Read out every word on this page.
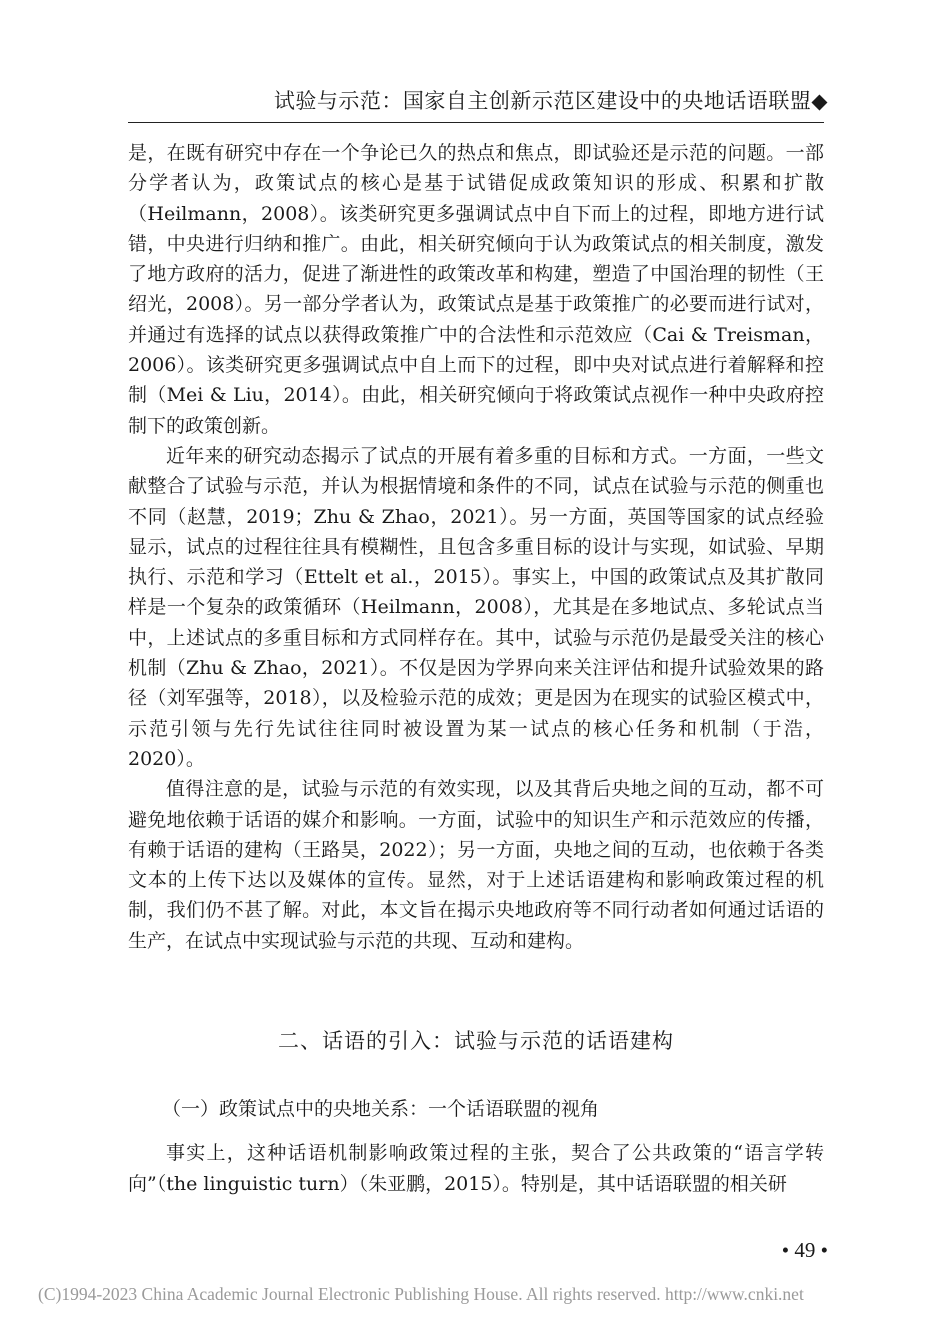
试验与示范：国家自主创新示范区建设中的央地话语联盟◆

是，在既有研究中存在一个争论已久的热点和焦点，即试验还是示范的问题。一部分学者认为，政策试点的核心是基于试错促成政策知识的形成、积累和扩散（Heilmann，2008）。该类研究更多强调试点中自下而上的过程，即地方进行试错，中央进行归纳和推广。由此，相关研究倾向于认为政策试点的相关制度，激发了地方政府的活力，促进了渐进性的政策改革和构建，塑造了中国治理的韧性（王绍光，2008）。另一部分学者认为，政策试点是基于政策推广的必要而进行试对，并通过有选择的试点以获得政策推广中的合法性和示范效应（Cai & Treisman，2006）。该类研究更多强调试点中自上而下的过程，即中央对试点进行着解释和控制（Mei & Liu，2014）。由此，相关研究倾向于将政策试点视作一种中央政府控制下的政策创新。

近年来的研究动态揭示了试点的开展有着多重的目标和方式。一方面，一些文献整合了试验与示范，并认为根据情境和条件的不同，试点在试验与示范的侧重也不同（赵慧，2019；Zhu & Zhao，2021）。另一方面，英国等国家的试点经验显示，试点的过程往往具有模糊性，且包含多重目标的设计与实现，如试验、早期执行、示范和学习（Ettelt et al.，2015）。事实上，中国的政策试点及其扩散同样是一个复杂的政策循环（Heilmann，2008），尤其是在多地试点、多轮试点当中，上述试点的多重目标和方式同样存在。其中，试验与示范仍是最受关注的核心机制（Zhu & Zhao，2021）。不仅是因为学界向来关注评估和提升试验效果的路径（刘军强等，2018），以及检验示范的成效；更是因为在现实的试验区模式中，示范引领与先行先试往往同时被设置为某一试点的核心任务和机制（于浩，2020）。

值得注意的是，试验与示范的有效实现，以及其背后央地之间的互动，都不可避免地依赖于话语的媒介和影响。一方面，试验中的知识生产和示范效应的传播，有赖于话语的建构（王路昊，2022）；另一方面，央地之间的互动，也依赖于各类文本的上传下达以及媒体的宣传。显然，对于上述话语建构和影响政策过程的机制，我们仍不甚了解。对此，本文旨在揭示央地政府等不同行动者如何通过话语的生产，在试点中实现试验与示范的共现、互动和建构。

二、话语的引入：试验与示范的话语建构
（一）政策试点中的央地关系：一个话语联盟的视角

事实上，这种话语机制影响政策过程的主张，契合了公共政策的“语言学转向”（the linguistic turn）（朱亚鹏，2015）。特别是，其中话语联盟的相关研

• 49 •
(C)1994-2023 China Academic Journal Electronic Publishing House. All rights reserved. http://www.cnki.net
